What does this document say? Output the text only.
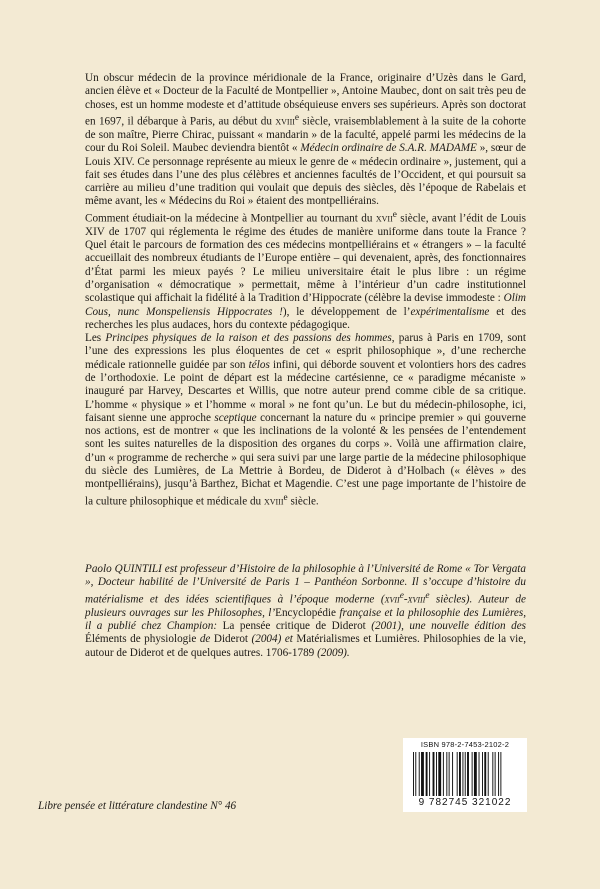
Un obscur médecin de la province méridionale de la France, originaire d’Uzès dans le Gard, ancien élève et « Docteur de la Faculté de Montpellier », Antoine Maubec, dont on sait très peu de choses, est un homme modeste et d’attitude obséquieuse envers ses supérieurs. Après son doctorat en 1697, il débarque à Paris, au début du xviii$^e$ siècle, vraisemblablement à la suite de la cohorte de son maître, Pierre Chirac, puissant « mandarin » de la faculté, appelé parmi les médecins de la cour du Roi Soleil. Maubec deviendra bientôt « Médecin ordinaire de S.A.R. MADAME », sœur de Louis XIV. Ce personnage représente au mieux le genre de « médecin ordinaire », justement, qui a fait ses études dans l’une des plus célèbres et anciennes facultés de l’Occident, et qui poursuit sa carrière au milieu d’une tradition qui voulait que depuis des siècles, dès l’époque de Rabelais et même avant, les « Médecins du Roi » étaient des montpelliérains.

Comment étudiait-on la médecine à Montpellier au tournant du xvii$^e$ siècle, avant l’édit de Louis XIV de 1707 qui réglementa le régime des études de manière uniforme dans toute la France ? Quel était le parcours de formation des ces médecins montpelliérains et « étrangers » – la faculté accueillait des nombreux étudiants de l’Europe entière – qui devenaient, après, des fonctionnaires d’État parmi les mieux payés ? Le milieu universitaire était le plus libre : un régime d’organisation « démocratique » permettait, même à l’intérieur d’un cadre institutionnel scolastique qui affichait la fidélité à la Tradition d’Hippocrate (célèbre la devise immodeste : Olim Cous, nunc Monspeliensis Hippocrates !), le développement de l’expérimentalisme et des recherches les plus audaces, hors du contexte pédagogique.

Les Principes physiques de la raison et des passions des hommes, parus à Paris en 1709, sont l’une des expressions les plus éloquentes de cet « esprit philosophique », d’une recherche médicale rationnelle guidée par son télos infini, qui déborde souvent et volontiers hors des cadres de l’orthodoxie. Le point de départ est la médecine cartésienne, ce « paradigme mécaniste » inauguré par Harvey, Descartes et Willis, que notre auteur prend comme cible de sa critique. L’homme « physique » et l’homme « moral » ne font qu’un. Le but du médecin-philosophe, ici, faisant sienne une approche sceptique concernant la nature du « principe premier » qui gouverne nos actions, est de montrer « que les inclinations de la volonté & les pensées de l’entendement sont les suites naturelles de la disposition des organes du corps ». Voilà une affirmation claire, d’un « programme de recherche » qui sera suivi par une large partie de la médecine philosophique du siècle des Lumières, de La Mettrie à Bordeu, de Diderot à d’Holbach (« élèves » des montpelliérains), jusqu’à Barthez, Bichat et Magendie. C’est une page importante de l’histoire de la culture philosophique et médicale du xviii$^e$ siècle.

Paolo QUINTILI est professeur d’Histoire de la philosophie à l’Université de Rome « Tor Vergata », Docteur habilité de l’Université de Paris 1 – Panthéon Sorbonne. Il s’occupe d’histoire du matérialisme et des idées scientifiques à l’époque moderne (xvii$^e$-xviii$^e$ siècles). Auteur de plusieurs ouvrages sur les Philosophes, l’Encyclopédie française et la philosophie des Lumières, il a publié chez Champion: La pensée critique de Diderot (2001), une nouvelle édition des Éléments de physiologie de Diderot (2004) et Matérialismes et Lumières. Philosophies de la vie, autour de Diderot et de quelques autres. 1706-1789 (2009).

ISBN 978-2-7453-2102-2
9 782745 321022
Libre pensée et littérature clandestine N° 46
